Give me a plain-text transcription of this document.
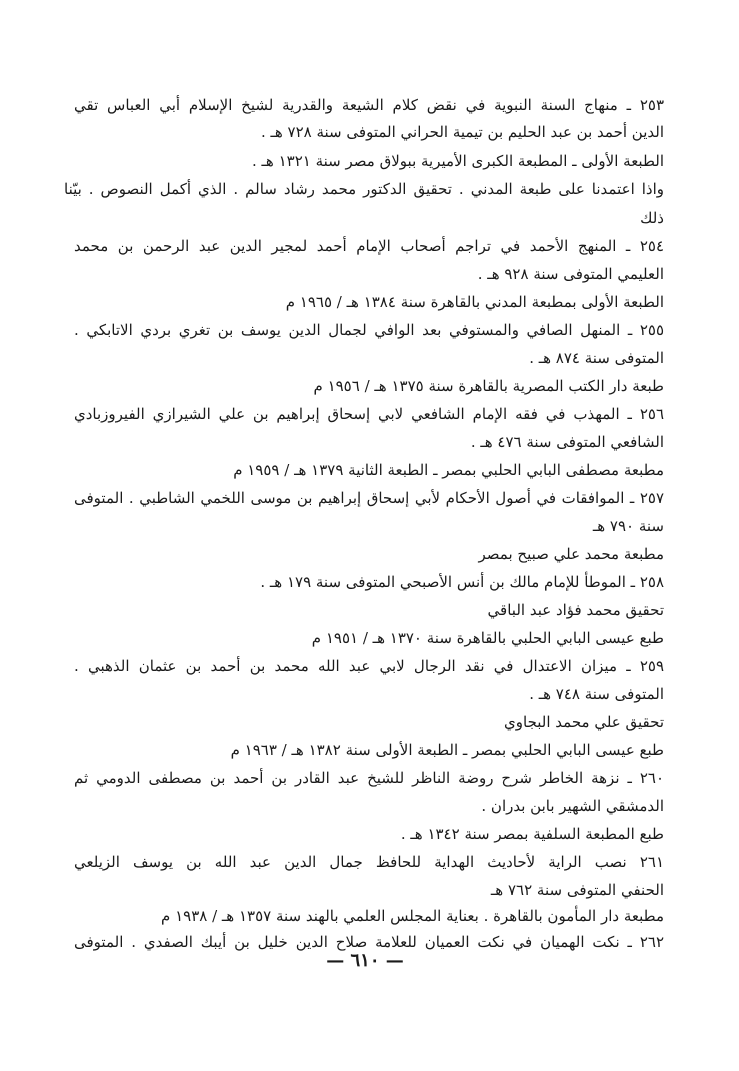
٢٥٣ ـ منهاج السنة النبوية في نقض كلام الشيعة والقدرية لشيخ الإسلام أبي العباس تقي
الدين أحمد بن عبد الحليم بن تيمية الحراني المتوفى سنة ٧٢٨ هـ .
الطبعة الأولى ـ المطبعة الكبرى الأميرية ببولاق مصر سنة ١٣٢١ هـ .
واذا اعتمدنا على طبعة المدني . تحقيق الدكتور محمد رشاد سالم . الذي أكمل النصوص . بيّنا
ذلك
٢٥٤ ـ المنهج الأحمد في تراجم أصحاب الإمام أحمد لمجير الدين عبد الرحمن بن محمد
العليمي المتوفى سنة ٩٢٨ هـ .
الطبعة الأولى بمطبعة المدني بالقاهرة سنة ١٣٨٤ هـ / ١٩٦٥ م
٢٥٥ ـ المنهل الصافي والمستوفي بعد الوافي لجمال الدين يوسف بن تغري بردي الاتابكي .
المتوفى سنة ٨٧٤ هـ .
طبعة دار الكتب المصرية بالقاهرة سنة ١٣٧٥ هـ / ١٩٥٦ م
٢٥٦ ـ المهذب في فقه الإمام الشافعي لابي إسحاق إبراهيم بن علي الشيرازي الفيروزبادي
الشافعي المتوفى سنة ٤٧٦ هـ .
مطبعة مصطفى البابي الحلبي بمصر ـ الطبعة الثانية ١٣٧٩ هـ / ١٩٥٩ م
٢٥٧ ـ الموافقات في أصول الأحكام لأبي إسحاق إبراهيم بن موسى اللخمي الشاطبي . المتوفى
سنة ٧٩٠ هـ
مطبعة محمد علي صبيح بمصر
٢٥٨ ـ الموطأ للإمام مالك بن أنس الأصبحي المتوفى سنة ١٧٩ هـ .
تحقيق محمد فؤاد عبد الباقي
طبع عيسى البابي الحلبي بالقاهرة سنة ١٣٧٠ هـ / ١٩٥١ م
٢٥٩ ـ ميزان الاعتدال في نقد الرجال لابي عبد الله محمد بن أحمد بن عثمان الذهبي .
المتوفى سنة ٧٤٨ هـ .
تحقيق علي محمد البجاوي
طبع عيسى البابي الحلبي بمصر ـ الطبعة الأولى سنة ١٣٨٢ هـ / ١٩٦٣ م
٢٦٠ ـ نزهة الخاطر شرح روضة الناظر للشيخ عبد القادر بن أحمد بن مصطفى الدومي ثم
الدمشقي الشهير بابن بدران .
طبع المطبعة السلفية بمصر سنة ١٣٤٢ هـ .
٢٦١ نصب الراية لأحاديث الهداية للحافظ جمال الدين عبد الله بن يوسف الزيلعي
الحنفي المتوفى سنة ٧٦٢ هـ
مطبعة دار المأمون بالقاهرة . بعناية المجلس العلمي بالهند سنة ١٣٥٧ هـ / ١٩٣٨ م
٢٦٢ ـ نكت الهميان في نكت العميان للعلامة صلاح الدين خليل بن أيبك الصفدي . المتوفى
— ٦١٠ —
